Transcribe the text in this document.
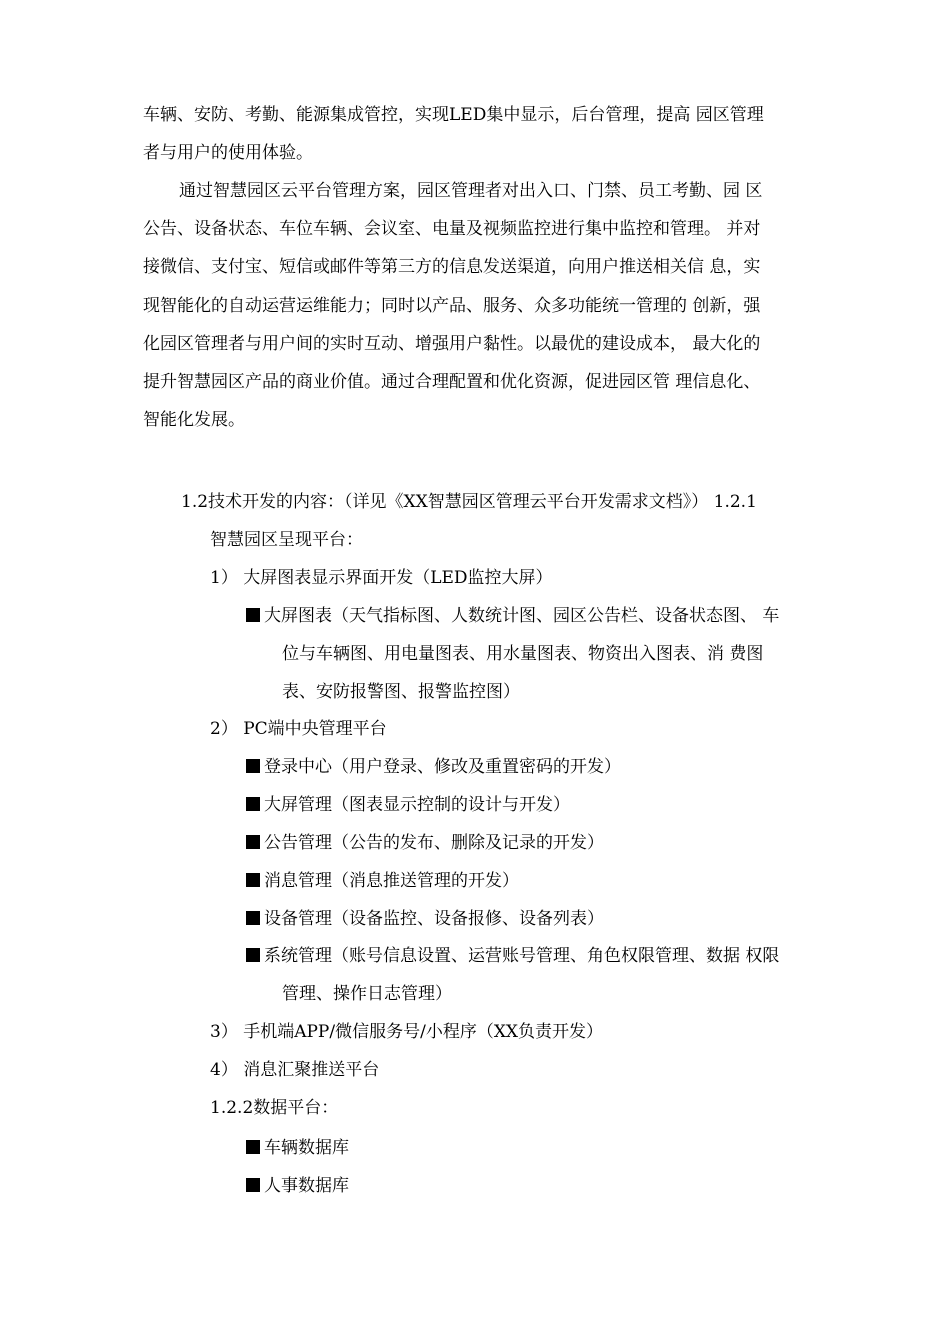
车辆、安防、考勤、能源集成管控，实现LED集中显示，后台管理，提高 园区管理
者与用户的使用体验。
通过智慧园区云平台管理方案，园区管理者对出入口、门禁、员工考勤、园 区
公告、设备状态、车位车辆、会议室、电量及视频监控进行集中监控和管理。 并对
接微信、支付宝、短信或邮件等第三方的信息发送渠道，向用户推送相关信 息，实
现智能化的自动运营运维能力；同时以产品、服务、众多功能统一管理的 创新，强
化园区管理者与用户间的实时互动、增强用户黏性。以最优的建设成本， 最大化的
提升智慧园区产品的商业价值。通过合理配置和优化资源，促进园区管 理信息化、
智能化发展。
1.2技术开发的内容：（详见《XX智慧园区管理云平台开发需求文档》） 1.2.1
智慧园区呈现平台：
1） 大屏图表显示界面开发（LED监控大屏）
大屏图表（天气指标图、人数统计图、园区公告栏、设备状态图、 车
位与车辆图、用电量图表、用水量图表、物资出入图表、消 费图
表、安防报警图、报警监控图）
2） PC端中央管理平台
登录中心（用户登录、修改及重置密码的开发）
大屏管理（图表显示控制的设计与开发）
公告管理（公告的发布、删除及记录的开发）
消息管理（消息推送管理的开发）
设备管理（设备监控、设备报修、设备列表）
系统管理（账号信息设置、运营账号管理、角色权限管理、数据 权限
管理、操作日志管理）
3） 手机端APP/微信服务号/小程序（XX负责开发）
4） 消息汇聚推送平台
1.2.2数据平台：
车辆数据库
人事数据库
